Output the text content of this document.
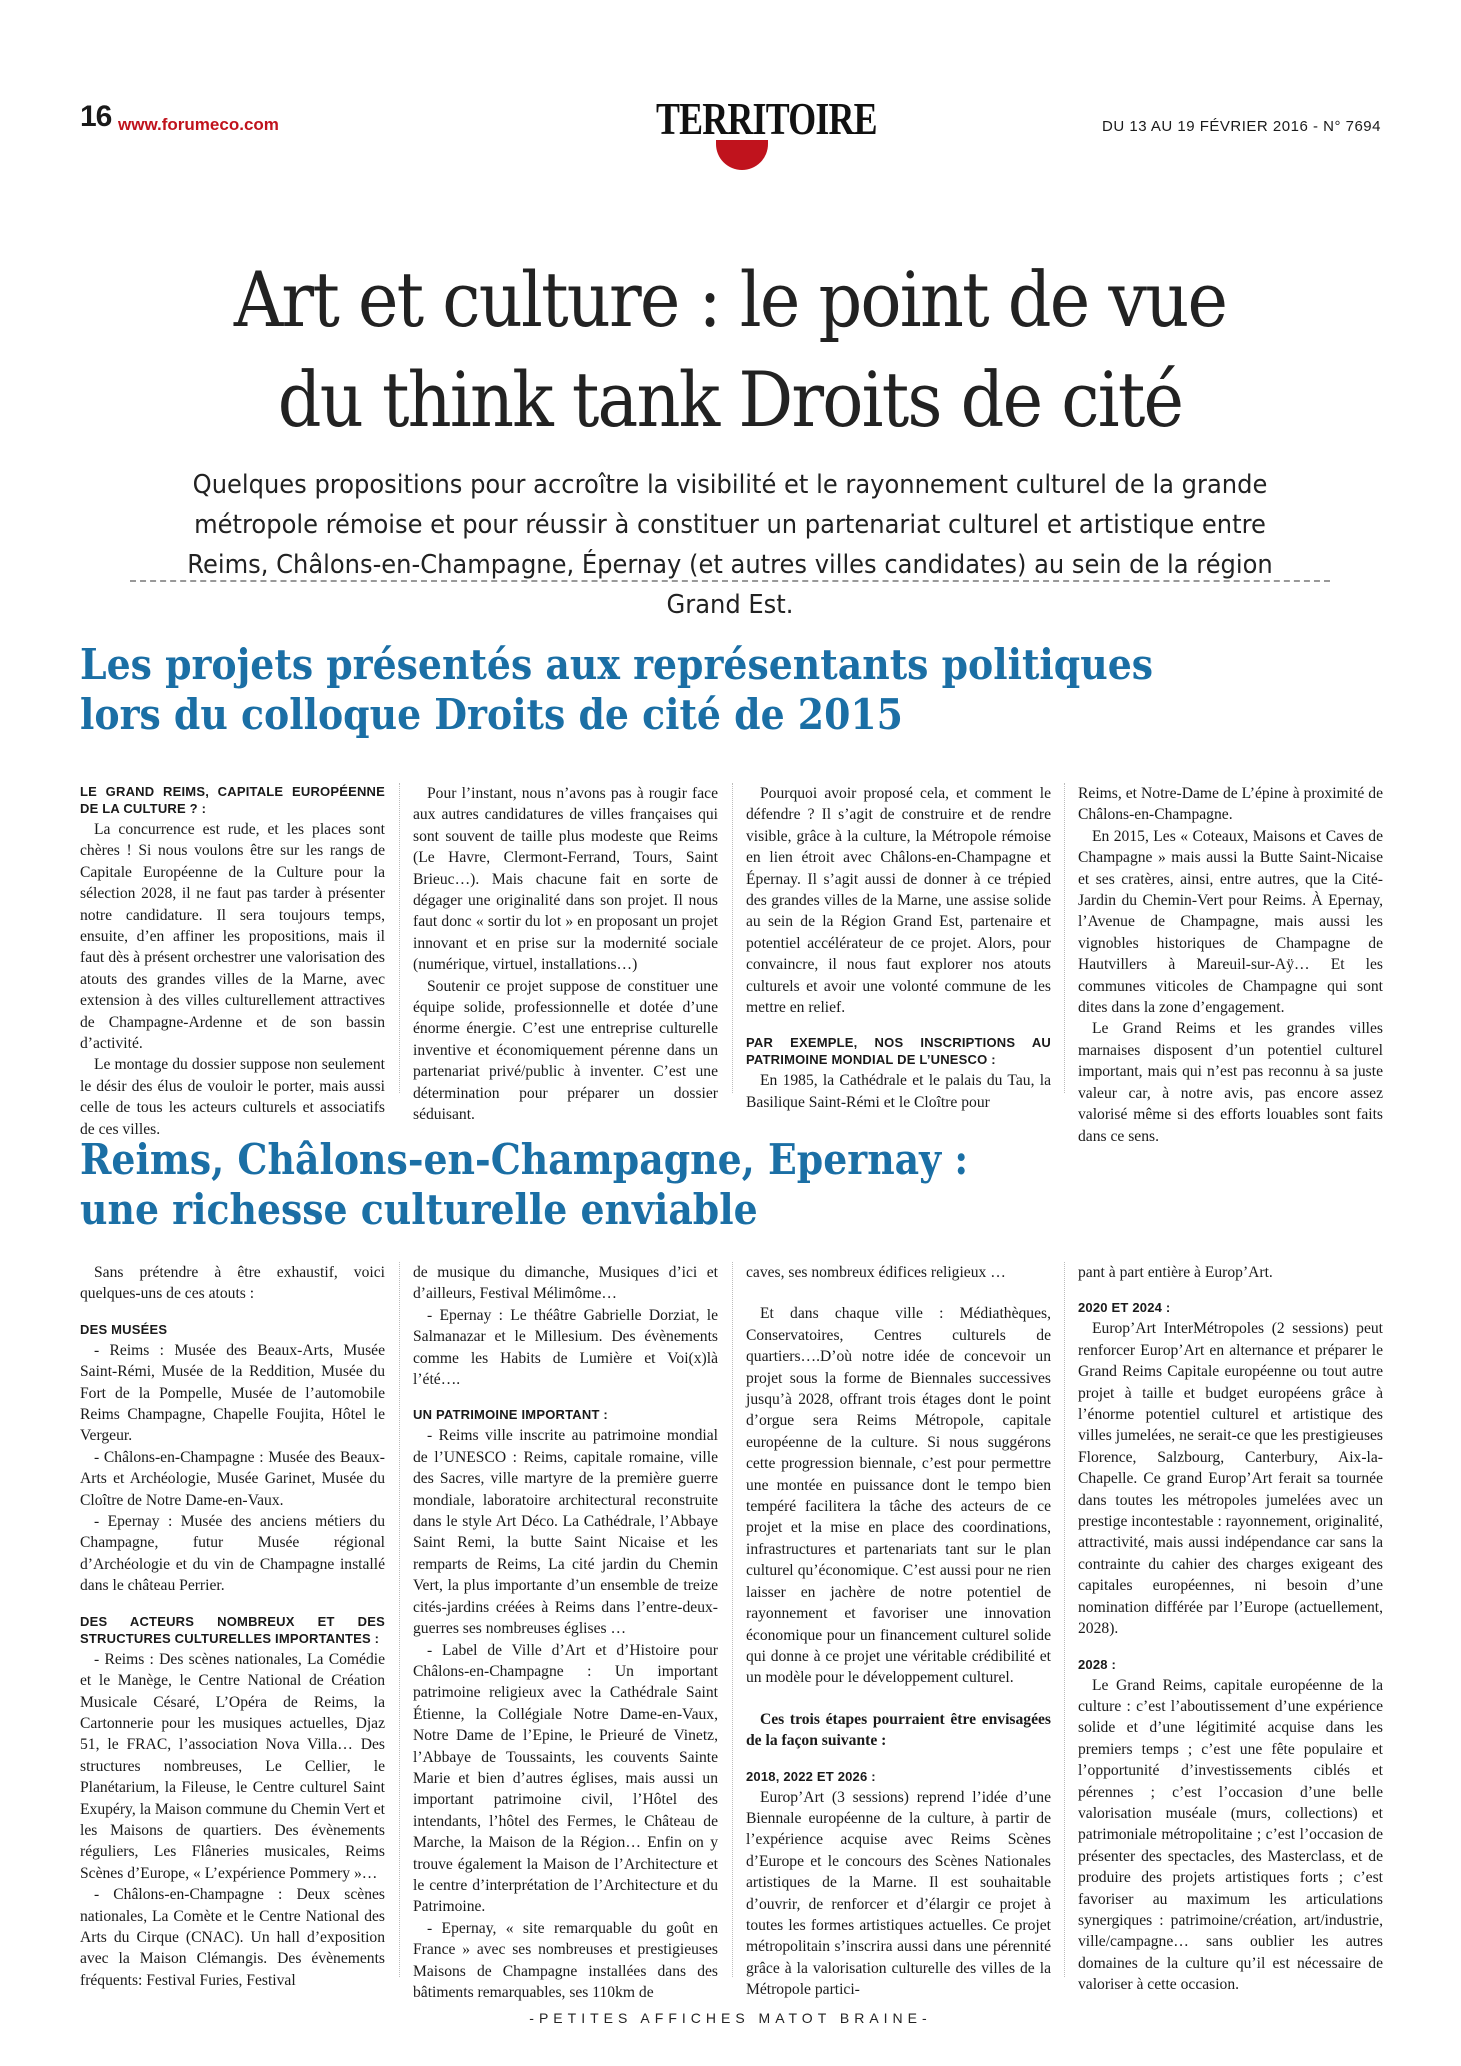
16 www.forumeco.com	TERRITOIRE	DU 13 AU 19 FÉVRIER 2016 - N° 7694
Art et culture : le point de vue
du think tank Droits de cité

Quelques propositions pour accroître la visibilité et le rayonnement culturel de la grande métropole rémoise et pour réussir à constituer un partenariat culturel et artistique entre Reims, Châlons-en-Champagne, Épernay (et autres villes candidates) au sein de la région Grand Est.

Les projets présentés aux représentants politiques
lors du colloque Droits de cité de 2015
LE GRAND REIMS, CAPITALE EUROPÉENNE DE LA CULTURE ? :

La concurrence est rude, et les places sont chères ! Si nous voulons être sur les rangs de Capitale Européenne de la Culture pour la sélection 2028, il ne faut pas tarder à présenter notre candidature. Il sera toujours temps, ensuite, d’en affiner les propositions, mais il faut dès à présent orchestrer une valorisation des atouts des grandes villes de la Marne, avec extension à des villes culturellement attractives de Champagne-Ardenne et de son bassin d’activité.

Le montage du dossier suppose non seulement le désir des élus de vouloir le porter, mais aussi celle de tous les acteurs culturels et associatifs de ces villes.

Pour l’instant, nous n’avons pas à rougir face aux autres candidatures de villes françaises qui sont souvent de taille plus modeste que Reims (Le Havre, Clermont-Ferrand, Tours, Saint Brieuc…). Mais chacune fait en sorte de dégager une originalité dans son projet. Il nous faut donc « sortir du lot » en proposant un projet innovant et en prise sur la modernité sociale (numérique, virtuel, installations…)

Soutenir ce projet suppose de constituer une équipe solide, professionnelle et dotée d’une énorme énergie. C’est une entreprise culturelle inventive et économiquement pérenne dans un partenariat privé/public à inventer. C’est une détermination pour préparer un dossier séduisant.

Pourquoi avoir proposé cela, et comment le défendre ? Il s’agit de construire et de rendre visible, grâce à la culture, la Métropole rémoise en lien étroit avec Châlons-en-Champagne et Épernay. Il s’agit aussi de donner à ce trépied des grandes villes de la Marne, une assise solide au sein de la Région Grand Est, partenaire et potentiel accélérateur de ce projet. Alors, pour convaincre, il nous faut explorer nos atouts culturels et avoir une volonté commune de les mettre en relief.

PAR EXEMPLE, NOS INSCRIPTIONS AU PATRIMOINE MONDIAL DE L’UNESCO :

En 1985, la Cathédrale et le palais du Tau, la Basilique Saint-Rémi et le Cloître pour

Reims, et Notre-Dame de L’épine à proximité de Châlons-en-Champagne.

En 2015, Les « Coteaux, Maisons et Caves de Champagne » mais aussi la Butte Saint-Nicaise et ses cratères, ainsi, entre autres, que la Cité-Jardin du Chemin-Vert pour Reims. À Epernay, l’Avenue de Champagne, mais aussi les vignobles historiques de Champagne de Hautvillers à Mareuil-sur-Aÿ… Et les communes viticoles de Champagne qui sont dites dans la zone d’engagement.

Le Grand Reims et les grandes villes marnaises disposent d’un potentiel culturel important, mais qui n’est pas reconnu à sa juste valeur car, à notre avis, pas encore assez valorisé même si des efforts louables sont faits dans ce sens.

Reims, Châlons-en-Champagne, Epernay :
une richesse culturelle enviable

Sans prétendre à être exhaustif, voici quelques-uns de ces atouts :

DES MUSÉES

- Reims : Musée des Beaux-Arts, Musée Saint-Rémi, Musée de la Reddition, Musée du Fort de la Pompelle, Musée de l’automobile Reims Champagne, Chapelle Foujita, Hôtel le Vergeur.

- Châlons-en-Champagne : Musée des Beaux-Arts et Archéologie, Musée Garinet, Musée du Cloître de Notre Dame-en-Vaux.

- Epernay : Musée des anciens métiers du Champagne, futur Musée régional d’Archéologie et du vin de Champagne installé dans le château Perrier.

DES ACTEURS NOMBREUX ET DES STRUCTURES CULTURELLES IMPORTANTES :

- Reims : Des scènes nationales, La Comédie et le Manège, le Centre National de Création Musicale Césaré, L’Opéra de Reims, la Cartonnerie pour les musiques actuelles, Djaz 51, le FRAC, l’association Nova Villa… Des structures nombreuses, Le Cellier, le Planétarium, la Fileuse, le Centre culturel Saint Exupéry, la Maison commune du Chemin Vert et les Maisons de quartiers. Des évènements réguliers, Les Flâneries musicales, Reims Scènes d’Europe, « L’expérience Pommery »…

- Châlons-en-Champagne : Deux scènes nationales, La Comète et le Centre National des Arts du Cirque (CNAC). Un hall d’exposition avec la Maison Clémangis. Des évènements fréquents: Festival Furies, Festival

de musique du dimanche, Musiques d’ici et d’ailleurs, Festival Mélimôme…

- Epernay : Le théâtre Gabrielle Dorziat, le Salmanazar et le Millesium. Des évènements comme les Habits de Lumière et Voi(x)là l’été….

UN PATRIMOINE IMPORTANT :

- Reims ville inscrite au patrimoine mondial de l’UNESCO : Reims, capitale romaine, ville des Sacres, ville martyre de la première guerre mondiale, laboratoire architectural reconstruite dans le style Art Déco. La Cathédrale, l’Abbaye Saint Remi, la butte Saint Nicaise et les remparts de Reims, La cité jardin du Chemin Vert, la plus importante d’un ensemble de treize cités-jardins créées à Reims dans l’entre-deux-guerres ses nombreuses églises …

- Label de Ville d’Art et d’Histoire pour Châlons-en-Champagne : Un important patrimoine religieux avec la Cathédrale Saint Étienne, la Collégiale Notre Dame-en-Vaux, Notre Dame de l’Epine, le Prieuré de Vinetz, l’Abbaye de Toussaints, les couvents Sainte Marie et bien d’autres églises, mais aussi un important patrimoine civil, l’Hôtel des intendants, l’hôtel des Fermes, le Château de Marche, la Maison de la Région… Enfin on y trouve également la Maison de l’Architecture et le centre d’interprétation de l’Architecture et du Patrimoine.

- Epernay, « site remarquable du goût en France » avec ses nombreuses et prestigieuses Maisons de Champagne installées dans des bâtiments remarquables, ses 110km de

caves, ses nombreux édifices religieux …

Et dans chaque ville : Médiathèques, Conservatoires, Centres culturels de quartiers….D’où notre idée de concevoir un projet sous la forme de Biennales successives jusqu’à 2028, offrant trois étages dont le point d’orgue sera Reims Métropole, capitale européenne de la culture. Si nous suggérons cette progression biennale, c’est pour permettre une montée en puissance dont le tempo bien tempéré facilitera la tâche des acteurs de ce projet et la mise en place des coordinations, infrastructures et partenariats tant sur le plan culturel qu’économique. C’est aussi pour ne rien laisser en jachère de notre potentiel de rayonnement et favoriser une innovation économique pour un financement culturel solide qui donne à ce projet une véritable crédibilité et un modèle pour le développement culturel.

Ces trois étapes pourraient être envisagées de la façon suivante :

2018, 2022 ET 2026 :

Europ’Art (3 sessions) reprend l’idée d’une Biennale européenne de la culture, à partir de l’expérience acquise avec Reims Scènes d’Europe et le concours des Scènes Nationales artistiques de la Marne. Il est souhaitable d’ouvrir, de renforcer et d’élargir ce projet à toutes les formes artistiques actuelles. Ce projet métropolitain s’inscrira aussi dans une pérennité grâce à la valorisation culturelle des villes de la Métropole partici-

pant à part entière à Europ’Art.

2020 ET 2024 :

Europ’Art InterMétropoles (2 sessions) peut renforcer Europ’Art en alternance et préparer le Grand Reims Capitale européenne ou tout autre projet à taille et budget européens grâce à l’énorme potentiel culturel et artistique des villes jumelées, ne serait-ce que les prestigieuses Florence, Salzbourg, Canterbury, Aix-la-Chapelle. Ce grand Europ’Art ferait sa tournée dans toutes les métropoles jumelées avec un prestige incontestable : rayonnement, originalité, attractivité, mais aussi indépendance car sans la contrainte du cahier des charges exigeant des capitales européennes, ni besoin d’une nomination différée par l’Europe (actuellement, 2028).

2028 :

Le Grand Reims, capitale européenne de la culture : c’est l’aboutissement d’une expérience solide et d’une légitimité acquise dans les premiers temps ; c’est une fête populaire et l’opportunité d’investissements ciblés et pérennes ; c’est l’occasion d’une belle valorisation muséale (murs, collections) et patrimoniale métropolitaine ; c’est l’occasion de présenter des spectacles, des Masterclass, et de produire des projets artistiques forts ; c’est favoriser au maximum les articulations synergiques : patrimoine/création, art/industrie, ville/campagne… sans oublier les autres domaines de la culture qu’il est nécessaire de valoriser à cette occasion.

-PETITES AFFICHES MATOT BRAINE-
